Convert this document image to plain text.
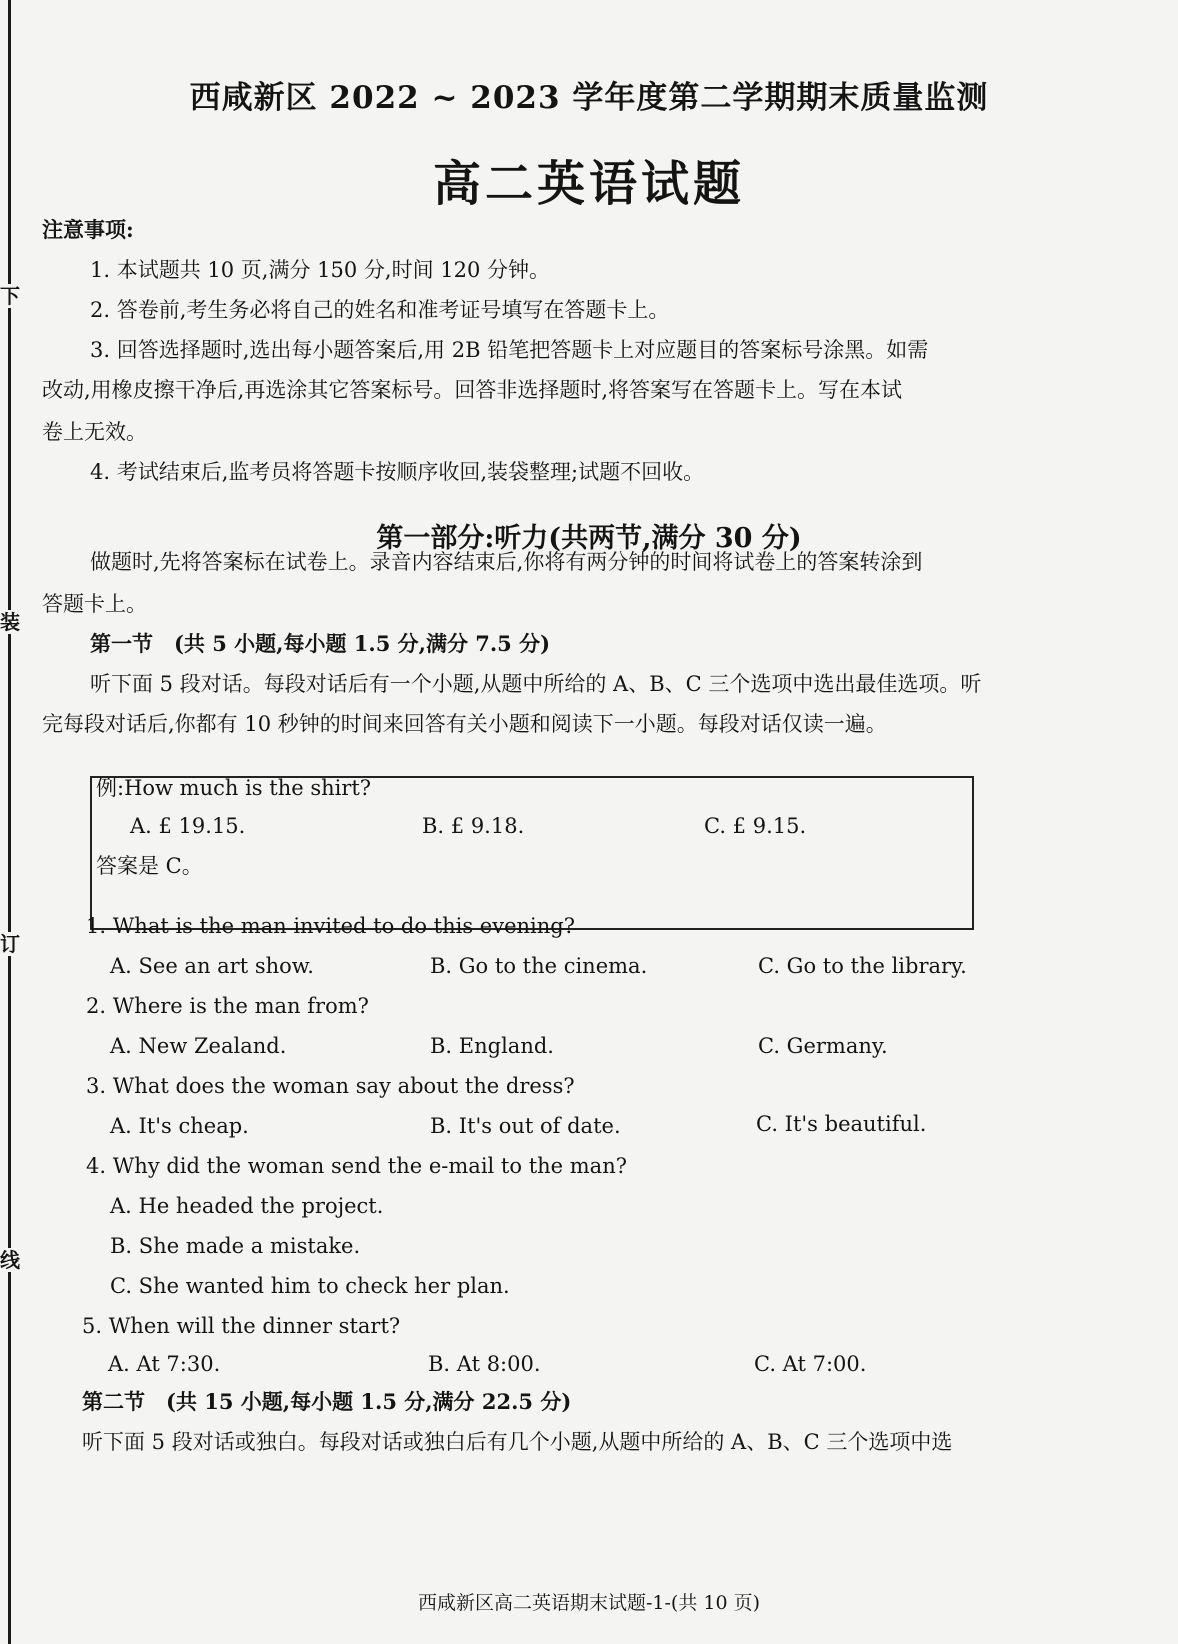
下
装
订
线
西咸新区 2022 ~ 2023 学年度第二学期期末质量监测
高二英语试题
注意事项:
1. 本试题共 10 页,满分 150 分,时间 120 分钟。
2. 答卷前,考生务必将自己的姓名和准考证号填写在答题卡上。
3. 回答选择题时,选出每小题答案后,用 2B 铅笔把答题卡上对应题目的答案标号涂黑。如需
改动,用橡皮擦干净后,再选涂其它答案标号。回答非选择题时,将答案写在答题卡上。写在本试
卷上无效。
4. 考试结束后,监考员将答题卡按顺序收回,装袋整理;试题不回收。
第一部分:听力(共两节,满分 30 分)
做题时,先将答案标在试卷上。录音内容结束后,你将有两分钟的时间将试卷上的答案转涂到
答题卡上。
第一节　(共 5 小题,每小题 1.5 分,满分 7.5 分)
听下面 5 段对话。每段对话后有一个小题,从题中所给的 A、B、C 三个选项中选出最佳选项。听
完每段对话后,你都有 10 秒钟的时间来回答有关小题和阅读下一小题。每段对话仅读一遍。
例:How much is the shirt?
A. £ 19.15.	B. £ 9.18.	C. £ 9.15.
答案是 C。
1. What is the man invited to do this evening?
A. See an art show.	B. Go to the cinema.	C. Go to the library.
2. Where is the man from?
A. New Zealand.	B. England.	C. Germany.
3. What does the woman say about the dress?
A. It's cheap.	B. It's out of date.	C. It's beautiful.
4. Why did the woman send the e-mail to the man?
A. He headed the project.
B. She made a mistake.
C. She wanted him to check her plan.
5. When will the dinner start?
A. At 7:30.	B. At 8:00.	C. At 7:00.
第二节　(共 15 小题,每小题 1.5 分,满分 22.5 分)
听下面 5 段对话或独白。每段对话或独白后有几个小题,从题中所给的 A、B、C 三个选项中选
西咸新区高二英语期末试题-1-(共 10 页)
